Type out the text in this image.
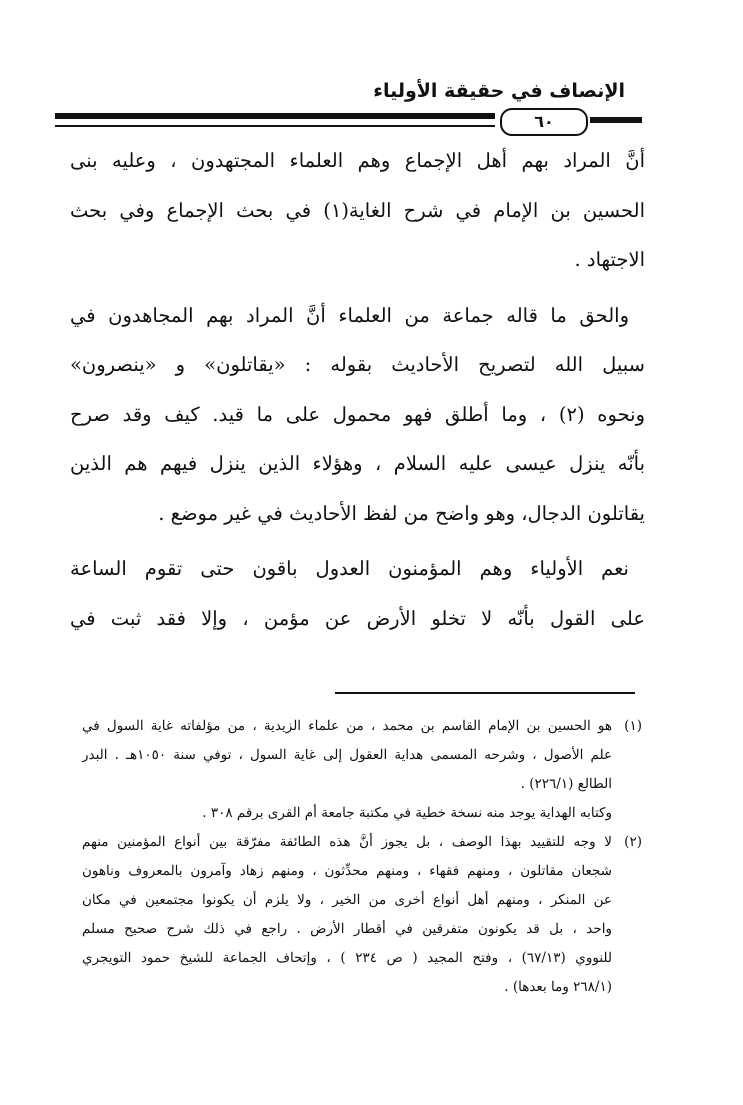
الإنصاف في حقيقة الأولياء
٦٠
أنَّ المراد بهم أهل الإجماع وهم العلماء المجتهدون ، وعليه بنى
الحسين بن الإمام في شرح الغاية(١) في بحث الإجماع وفي بحث
الاجتهاد .
والحق ما قاله جماعة من العلماء أنَّ المراد بهم المجاهدون في
سبيل الله لتصريح الأحاديث بقوله : «يقاتلون» و «ينصرون»
ونحوه (٢) ، وما أطلق فهو محمول على ما قيد. كيف وقد صرح
بأنّه ينزل عيسى عليه السلام ، وهؤلاء الذين ينزل فيهم هم الذين
يقاتلون الدجال، وهو واضح من لفظ الأحاديث في غير موضع .
نعم الأولياء وهم المؤمنون العدول باقون حتى تقوم الساعة
على القول بأنّه لا تخلو الأرض عن مؤمن ، وإلا فقد ثبت في
(١)هو الحسين بن الإمام القاسم بن محمد ، من علماء الزيدية ، من مؤلفاته غاية السول في
علم الأصول ، وشرحه المسمى هداية العقول إلى غاية السول ، توفي سنة ١٠٥٠هـ . البدر
الطالع (٢٢٦/١) .
وكتابه الهداية يوجد منه نسخة خطية في مكتبة جامعة أم القرى برقم ٣٠٨ .
(٢)لا وجه للتقييد بهذا الوصف ، بل يجوز أنَّ هذه الطائفة مفرّقة بين أنواع المؤمنين منهم
شجعان مقاتلون ، ومنهم فقهاء ، ومنهم محدِّثون ، ومنهم زهاد وآمرون بالمعروف وناهون
عن المنكر ، ومنهم أهل أنواع أخرى من الخير ، ولا يلزم أن يكونوا مجتمعين في مكان
واحد ، بل قد يكونون متفرقين في أقطار الأرض . راجع في ذلك شرح صحيح مسلم
للنووي (٦٧/١٣) ، وفتح المجيد ( ص ٢٣٤ ) ، وإتحاف الجماعة للشيخ حمود التويجري
(٢٦٨/١ وما بعدها) .
